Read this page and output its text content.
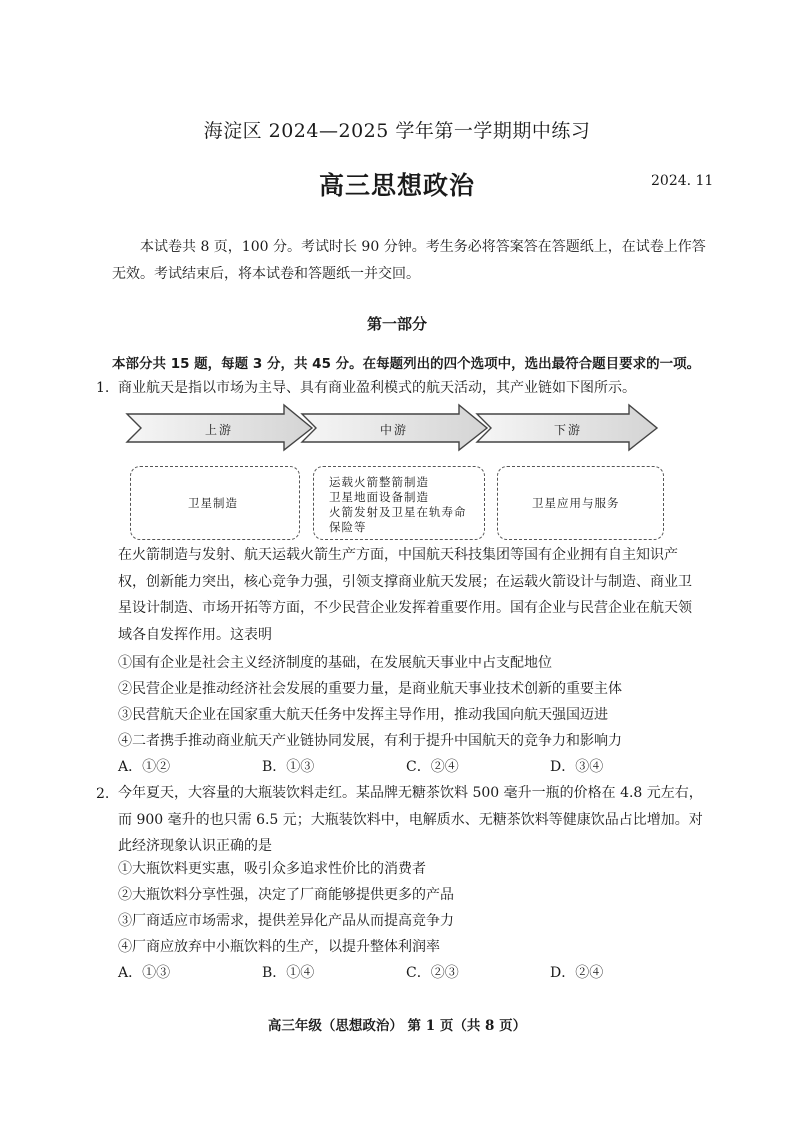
海淀区 2024—2025 学年第一学期期中练习
高三思想政治	2024. 11
本试卷共 8 页，100 分。考试时长 90 分钟。考生务必将答案答在答题纸上，在试卷上作答无效。考试结束后，将本试卷和答题纸一并交回。
第一部分
本部分共 15 题，每题 3 分，共 45 分。在每题列出的四个选项中，选出最符合题目要求的一项。
1. 商业航天是指以市场为主导、具有商业盈利模式的航天活动，其产业链如下图所示。
上游	中游	下游
卫星制造
运载火箭整箭制造
卫星地面设备制造
火箭发射及卫星在轨寿命
保险等
卫星应用与服务
在火箭制造与发射、航天运载火箭生产方面，中国航天科技集团等国有企业拥有自主知识产权，创新能力突出，核心竞争力强，引领支撑商业航天发展；在运载火箭设计与制造、商业卫星设计制造、市场开拓等方面，不少民营企业发挥着重要作用。国有企业与民营企业在航天领域各自发挥作用。这表明
①国有企业是社会主义经济制度的基础，在发展航天事业中占支配地位
②民营企业是推动经济社会发展的重要力量，是商业航天事业技术创新的重要主体
③民营航天企业在国家重大航天任务中发挥主导作用，推动我国向航天强国迈进
④二者携手推动商业航天产业链协同发展，有利于提升中国航天的竞争力和影响力
A．①②	B．①③	C．②④	D．③④
2. 今年夏天，大容量的大瓶装饮料走红。某品牌无糖茶饮料 500 毫升一瓶的价格在 4.8 元左右，而 900 毫升的也只需 6.5 元；大瓶装饮料中，电解质水、无糖茶饮料等健康饮品占比增加。对此经济现象认识正确的是
①大瓶饮料更实惠，吸引众多追求性价比的消费者
②大瓶饮料分享性强，决定了厂商能够提供更多的产品
③厂商适应市场需求，提供差异化产品从而提高竞争力
④厂商应放弃中小瓶饮料的生产，以提升整体利润率
A．①③	B．①④	C．②③	D．②④
高三年级（思想政治） 第 1 页（共 8 页）
